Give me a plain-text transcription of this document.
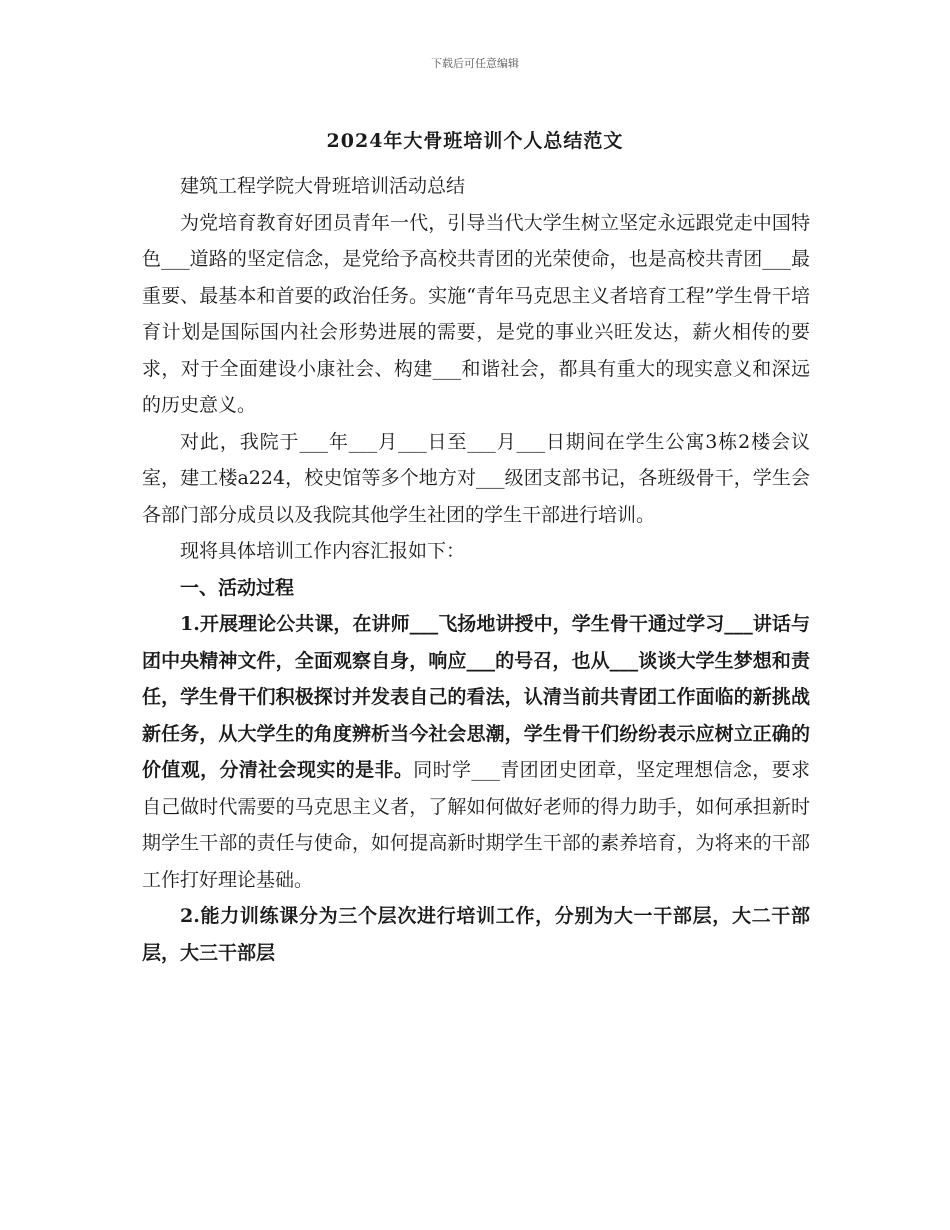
下载后可任意编辑
2024年大骨班培训个人总结范文

建筑工程学院大骨班培训活动总结

为党培育教育好团员青年一代，引导当代大学生树立坚定永远跟党走中国特色___道路的坚定信念，是党给予高校共青团的光荣使命，也是高校共青团___最重要、最基本和首要的政治任务。实施“青年马克思主义者培育工程”学生骨干培育计划是国际国内社会形势进展的需要，是党的事业兴旺发达，薪火相传的要求，对于全面建设小康社会、构建___和谐社会，都具有重大的现实意义和深远的历史意义。

对此，我院于___年___月___日至___月___日期间在学生公寓3栋2楼会议室，建工楼a224，校史馆等多个地方对___级团支部书记，各班级骨干，学生会各部门部分成员以及我院其他学生社团的学生干部进行培训。

现将具体培训工作内容汇报如下：

一、活动过程

1.开展理论公共课，在讲师___飞扬地讲授中，学生骨干通过学习___讲话与团中央精神文件，全面观察自身，响应___的号召，也从___谈谈大学生梦想和责任，学生骨干们积极探讨并发表自己的看法，认清当前共青团工作面临的新挑战新任务，从大学生的角度辨析当今社会思潮，学生骨干们纷纷表示应树立正确的价值观，分清社会现实的是非。同时学___青团团史团章，坚定理想信念，要求自己做时代需要的马克思主义者，了解如何做好老师的得力助手，如何承担新时期学生干部的责任与使命，如何提高新时期学生干部的素养培育，为将来的干部工作打好理论基础。

2.能力训练课分为三个层次进行培训工作，分别为大一干部层，大二干部层，大三干部层
